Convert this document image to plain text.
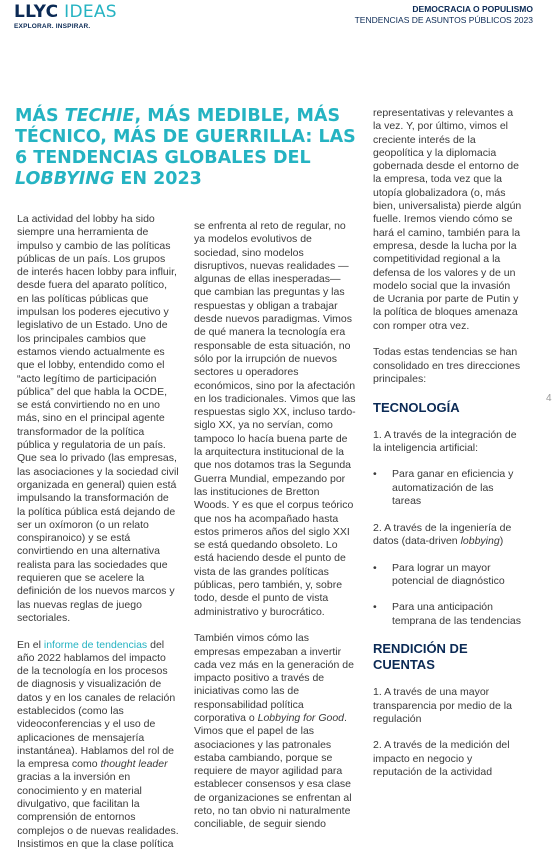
LLYC IDEAS
EXPLORAR. INSPIRAR.
DEMOCRACIA O POPULISMO
TENDENCIAS DE ASUNTOS PÚBLICOS 2023
MÁS TECHIE, MÁS MEDIBLE, MÁS TÉCNICO, MÁS DE GUERRILLA: LAS 6 TENDENCIAS GLOBALES DEL LOBBYING EN 2023

La actividad del lobby ha sido siempre una herramienta de impulso y cambio de las políticas públicas de un país. Los grupos de interés hacen lobby para influir, desde fuera del aparato político, en las políticas públicas que impulsan los poderes ejecutivo y legislativo de un Estado. Uno de los principales cambios que estamos viendo actualmente es que el lobby, entendido como el “acto legítimo de participación pública” del que habla la OCDE, se está convirtiendo no en uno más, sino en el principal agente transformador de la política pública y regulatoria de un país. Que sea lo privado (las empresas, las asociaciones y la sociedad civil organizada en general) quien está impulsando la transformación de la política pública está dejando de ser un oxímoron (o un relato conspiranoico) y se está convirtiendo en una alternativa realista para las sociedades que requieren que se acelere la definición de los nuevos marcos y las nuevas reglas de juego sectoriales.

En el informe de tendencias del año 2022 hablamos del impacto de la tecnología en los procesos de diagnosis y visualización de datos y en los canales de relación establecidos (como las videoconferencias y el uso de aplicaciones de mensajería instantánea). Hablamos del rol de la empresa como thought leader gracias a la inversión en conocimiento y en material divulgativo, que facilitan la comprensión de entornos complejos o de nuevas realidades. Insistimos en que la clase política

se enfrenta al reto de regular, no ya modelos evolutivos de sociedad, sino modelos disruptivos, nuevas realidades —algunas de ellas inesperadas— que cambian las preguntas y las respuestas y obligan a trabajar desde nuevos paradigmas. Vimos de qué manera la tecnología era responsable de esta situación, no sólo por la irrupción de nuevos sectores u operadores económicos, sino por la afectación en los tradicionales. Vimos que las respuestas siglo XX, incluso tardo-siglo XX, ya no servían, como tampoco lo hacía buena parte de la arquitectura institucional de la que nos dotamos tras la Segunda Guerra Mundial, empezando por las instituciones de Bretton Woods. Y es que el corpus teórico que nos ha acompañado hasta estos primeros años del siglo XXI se está quedando obsoleto. Lo está haciendo desde el punto de vista de las grandes políticas públicas, pero también, y, sobre todo, desde el punto de vista administrativo y burocrático.

También vimos cómo las empresas empezaban a invertir cada vez más en la generación de impacto positivo a través de iniciativas como las de responsabilidad política corporativa o Lobbying for Good. Vimos que el papel de las asociaciones y las patronales estaba cambiando, porque se requiere de mayor agilidad para establecer consensos y esa clase de organizaciones se enfrentan al reto, no tan obvio ni naturalmente conciliable, de seguir siendo

representativas y relevantes a la vez. Y, por último, vimos el creciente interés de la geopolítica y la diplomacia gobernada desde el entorno de la empresa, toda vez que la utopía globalizadora (o, más bien, universalista) pierde algún fuelle. Iremos viendo cómo se hará el camino, también para la empresa, desde la lucha por la competitividad regional a la defensa de los valores y de un modelo social que la invasión de Ucrania por parte de Putin y la política de bloques amenaza con romper otra vez.

Todas estas tendencias se han consolidado en tres direcciones principales:

TECNOLOGÍA

1. A través de la integración de la inteligencia artificial:

• Para ganar en eficiencia y automatización de las tareas

2. A través de la ingeniería de datos (data-driven lobbying)

• Para lograr un mayor potencial de diagnóstico
• Para una anticipación temprana de las tendencias
RENDICIÓN DE CUENTAS

1. A través de una mayor transparencia por medio de la regulación

2. A través de la medición del impacto en negocio y reputación de la actividad

4
